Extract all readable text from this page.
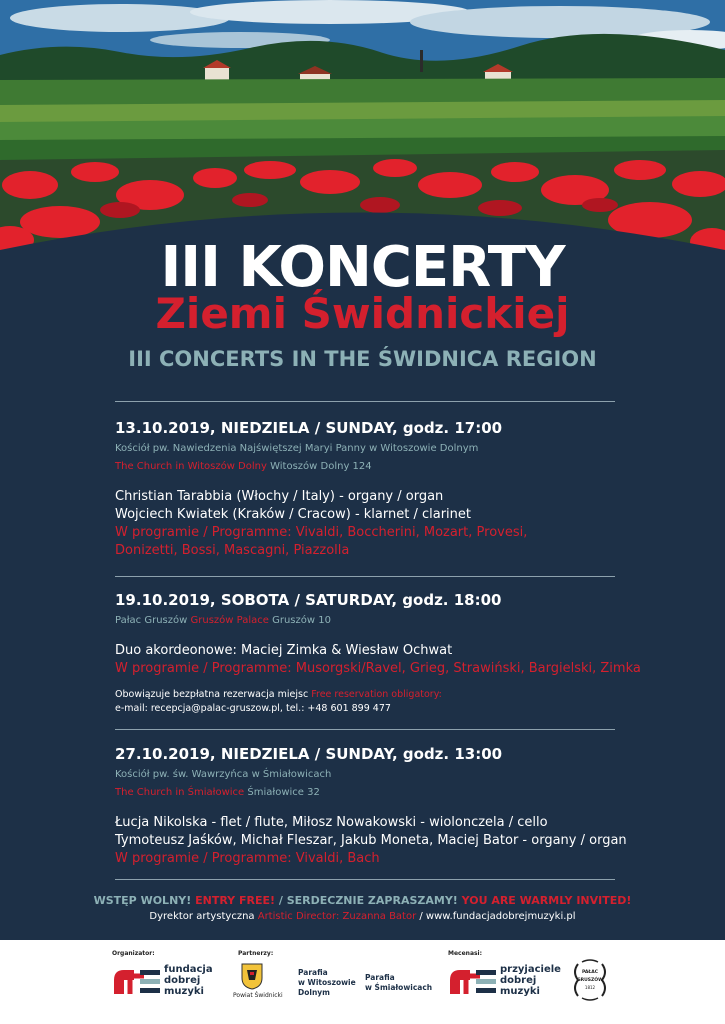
III KONCERTY
Ziemi Świdnickiej
III CONCERTS IN THE ŚWIDNICA REGION
13.10.2019, NIEDZIELA / SUNDAY, godz. 17:00
Kościół pw. Nawiedzenia Najświętszej Maryi Panny w Witoszowie Dolnym
The Church in Witoszów Dolny Witoszów Dolny 124
Christian Tarabbia (Włochy / Italy) - organy / organ
Wojciech Kwiatek (Kraków / Cracow) - klarnet / clarinet
W programie / Programme: Vivaldi, Boccherini, Mozart, Provesi,
Donizetti, Bossi, Mascagni, Piazzolla
19.10.2019, SOBOTA / SATURDAY, godz. 18:00
Pałac Gruszów Gruszów Palace Gruszów 10
Duo akordeonowe: Maciej Zimka & Wiesław Ochwat
W programie / Programme: Musorgski/Ravel, Grieg, Strawiński, Bargielski, Zimka
Obowiązuje bezpłatna rezerwacja miejsc Free reservation obligatory:
e-mail: recepcja@palac-gruszow.pl, tel.: +48 601 899 477
27.10.2019, NIEDZIELA / SUNDAY, godz. 13:00
Kościół pw. św. Wawrzyńca w Śmiałowicach
The Church in Śmiałowice Śmiałowice 32
Łucja Nikolska - flet / flute, Miłosz Nowakowski - wiolonczela / cello
Tymoteusz Jaśków, Michał Fleszar, Jakub Moneta, Maciej Bator - organy / organ
W programie / Programme: Vivaldi, Bach
WSTĘP WOLNY! ENTRY FREE! / SERDECZNIE ZAPRASZAMY! YOU ARE WARMLY INVITED!
Dyrektor artystyczna Artistic Director: Zuzanna Bator / www.fundacjadobrejmuzyki.pl
Organizator:
fundacja
dobrej
muzyki
Partnerzy:
Powiat Świdnicki
Parafia
w Witoszowie
Dolnym
Parafia
w Śmiałowicach
Mecenasi:
przyjaciele
dobrej
muzyki
PAŁAC
GRUSZÓW
1812
